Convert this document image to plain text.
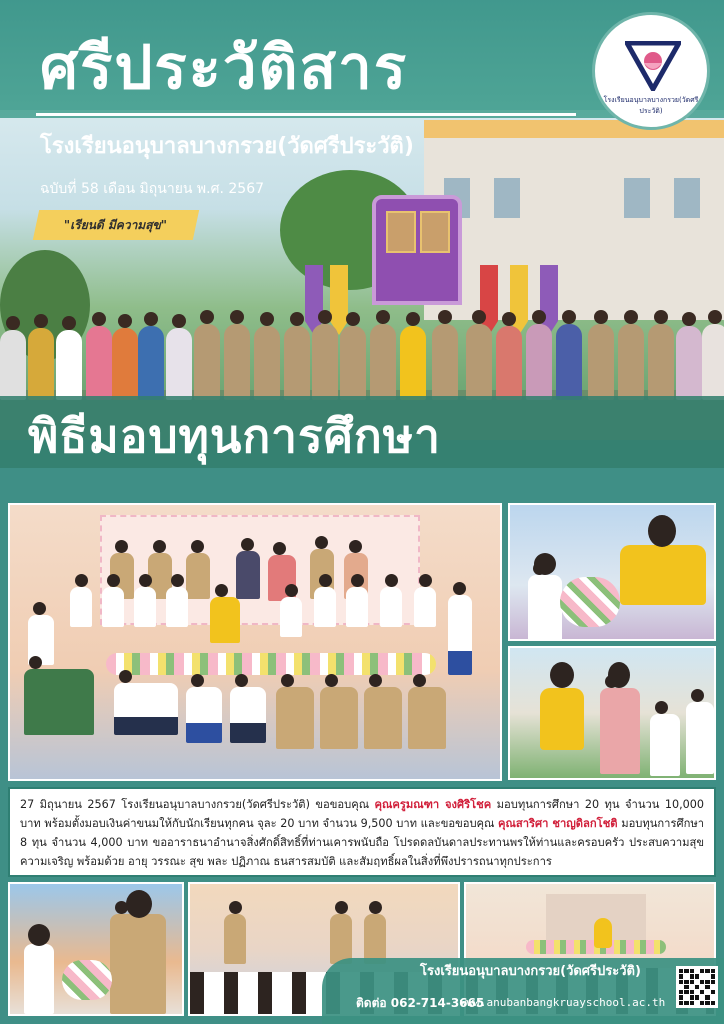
ศรีประวัติสาร
โรงเรียนอนุบาลบางกรวย(วัดศรีประวัติ)
ฉบับที่ 58 เดือน มิถุนายน พ.ศ. 2567
"เรียนดี มีความสุข"
โรงเรียนอนุบาลบางกรวย(วัดศรีประวัติ)
พิธีมอบทุนการศึกษา
27 มิถุนายน 2567 โรงเรียนอนุบาลบางกรวย(วัดศรีประวัติ) ขอขอบคุณ คุณครูมณฑา จงศิริโชค มอบทุนการศึกษา 20 ทุน จำนวน 10,000 บาท พร้อมตั้งมอบเงินค่าขนมให้กับนักเรียนทุกคน จุละ 20 บาท จำนวน 9,500 บาท และขอขอบคุณ คุณสาริศา ชาญดิลกโชติ มอบทุนการศึกษา 8 ทุน จำนวน 4,000 บาท ขออาราธนาอำนาจสิ่งศักดิ์สิทธิ์ที่ท่านเคารพนับถือ โปรดดลบันดาลประทานพรให้ท่านและครอบครัว ประสบความสุขความเจริญ พร้อมด้วย อายุ วรรณะ สุข พละ ปฏิภาณ ธนสารสมบัติ และสัมฤทธิ์ผลในสิ่งที่พึงปรารถนาทุกประการ
โรงเรียนอนุบาลบางกรวย(วัดศรีประวัติ)
ติดต่อ 062-714-3665
www.anubanbangkruayschool.ac.th
